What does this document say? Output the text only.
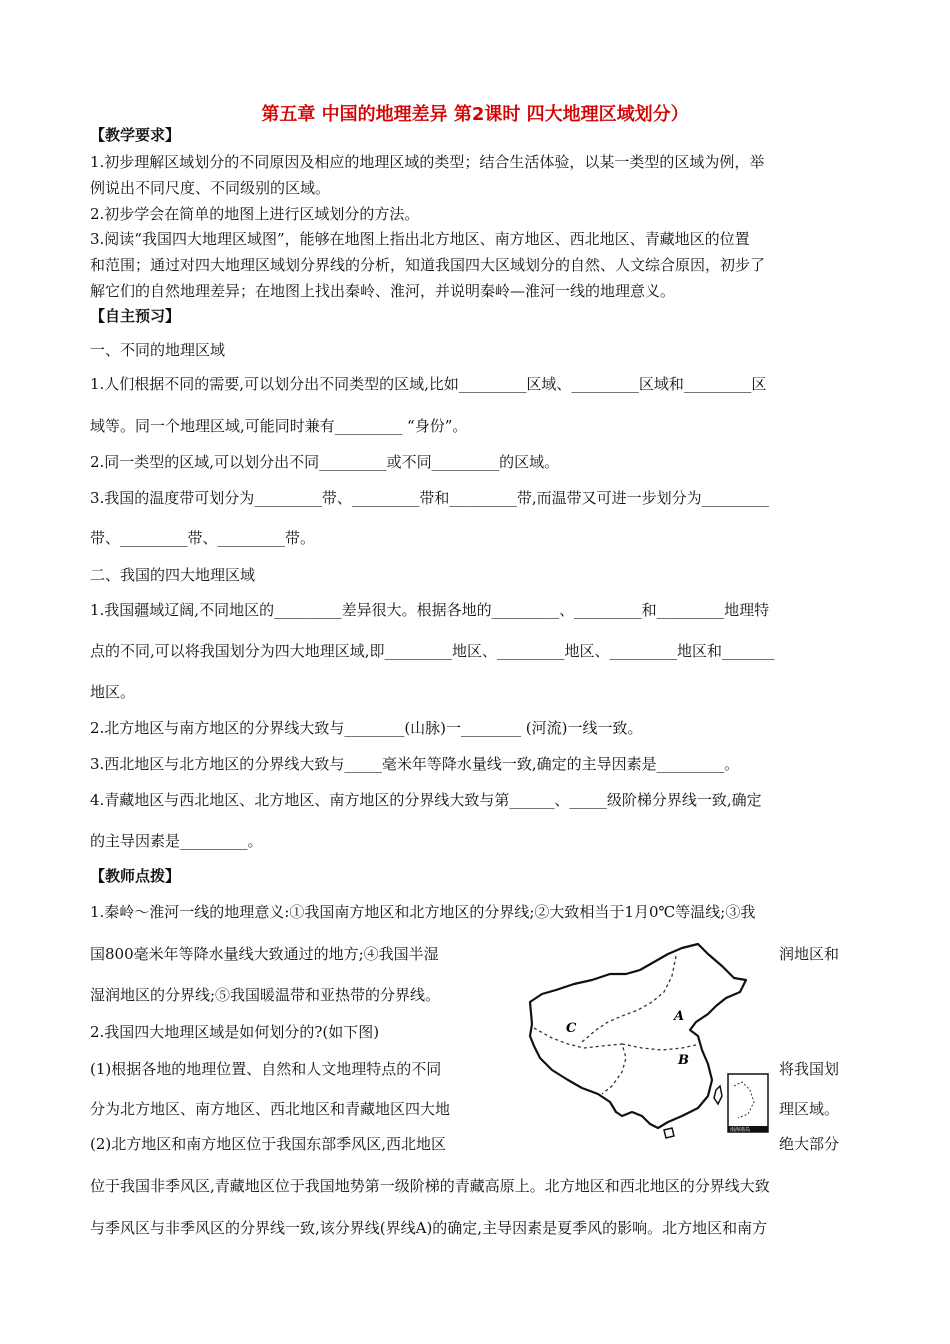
第五章 中国的地理差异 第2课时 四大地理区域划分）
【教学要求】
1.初步理解区域划分的不同原因及相应的地理区域的类型；结合生活体验，以某一类型的区域为例，举
例说出不同尺度、不同级别的区域。
2.初步学会在简单的地图上进行区域划分的方法。
3.阅读“我国四大地理区域图”，能够在地图上指出北方地区、南方地区、西北地区、青藏地区的位置
和范围；通过对四大地理区域划分界线的分析，知道我国四大区域划分的自然、人文综合原因，初步了
解它们的自然地理差异；在地图上找出秦岭、淮河，并说明秦岭—淮河一线的地理意义。
【自主预习】
一、不同的地理区域
1.人们根据不同的需要,可以划分出不同类型的区域,比如_________区域、_________区域和_________区
域等。同一个地理区域,可能同时兼有_________ “身份”。
2.同一类型的区域,可以划分出不同_________或不同_________的区域。
3.我国的温度带可划分为_________带、_________带和_________带,而温带又可进一步划分为_________
带、_________带、_________带。
二、我国的四大地理区域
1.我国疆域辽阔,不同地区的_________差异很大。根据各地的_________、_________和_________地理特
点的不同,可以将我国划分为四大地理区域,即_________地区、_________地区、_________地区和_______
地区。
2.北方地区与南方地区的分界线大致与________(山脉)一________ (河流)一线一致。
3.西北地区与北方地区的分界线大致与_____毫米年等降水量线一致,确定的主导因素是_________。
4.青藏地区与西北地区、北方地区、南方地区的分界线大致与第______、_____级阶梯分界线一致,确定
的主导因素是_________。
【教师点拨】
1.秦岭～淮河一线的地理意义:①我国南方地区和北方地区的分界线;②大致相当于1月0℃等温线;③我
国800毫米年等降水量线大致通过的地方;④我国半湿	润地区和
湿润地区的分界线;⑤我国暖温带和亚热带的分界线。
2.我国四大地理区域是如何划分的?(如下图)
(1)根据各地的地理位置、自然和人文地理特点的不同	将我国划
分为北方地区、南方地区、西北地区和青藏地区四大地	理区域。
(2)北方地区和南方地区位于我国东部季风区,西北地区	绝大部分
位于我国非季风区,青藏地区位于我国地势第一级阶梯的青藏高原上。北方地区和西北地区的分界线大致
与季风区与非季风区的分界线一致,该分界线(界线A)的确定,主导因素是夏季风的影响。北方地区和南方
A
B
C
南海诸岛
